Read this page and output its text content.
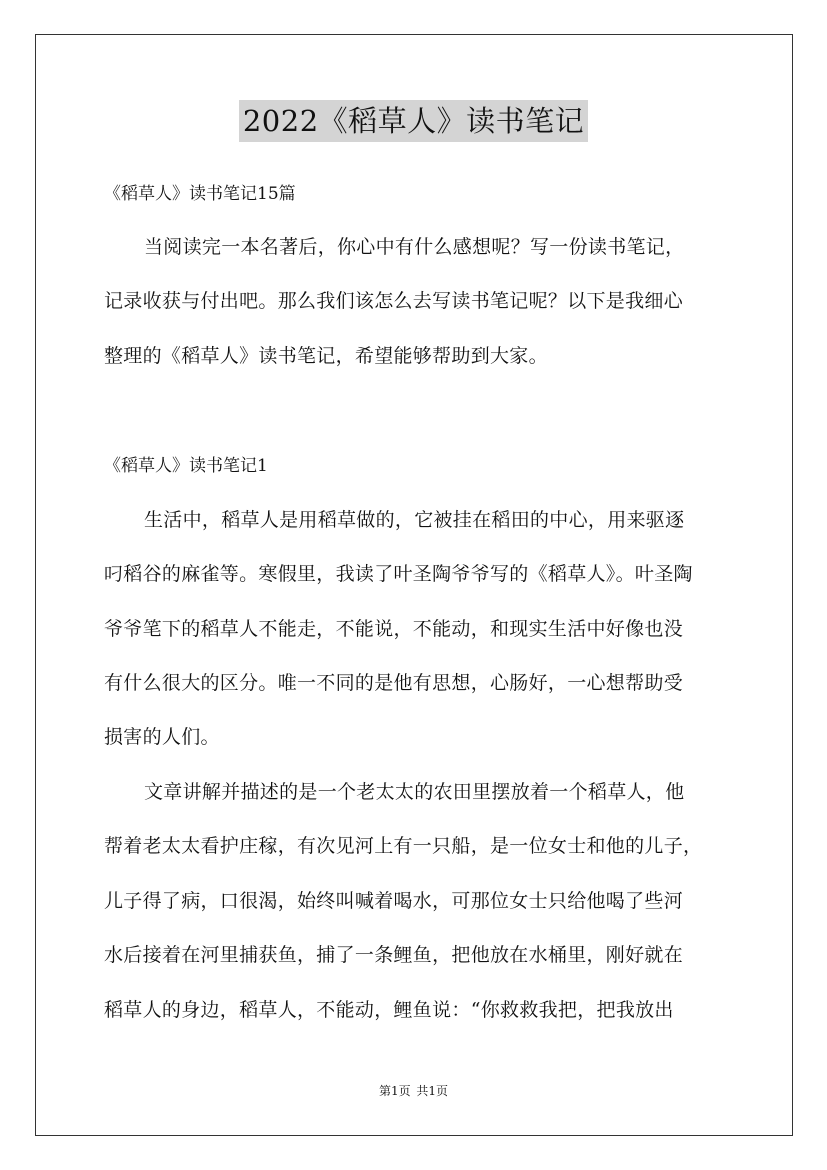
2022《稻草人》读书笔记
《稻草人》读书笔记15篇
当阅读完一本名著后，你心中有什么感想呢？写一份读书笔记，
记录收获与付出吧。那么我们该怎么去写读书笔记呢？以下是我细心
整理的《稻草人》读书笔记，希望能够帮助到大家。
《稻草人》读书笔记1
生活中，稻草人是用稻草做的，它被挂在稻田的中心，用来驱逐
叼稻谷的麻雀等。寒假里，我读了叶圣陶爷爷写的《稻草人》。叶圣陶
爷爷笔下的稻草人不能走，不能说，不能动，和现实生活中好像也没
有什么很大的区分。唯一不同的是他有思想，心肠好，一心想帮助受
损害的人们。
文章讲解并描述的是一个老太太的农田里摆放着一个稻草人，他
帮着老太太看护庄稼，有次见河上有一只船，是一位女士和他的儿子，
儿子得了病，口很渴，始终叫喊着喝水，可那位女士只给他喝了些河
水后接着在河里捕获鱼，捕了一条鲤鱼，把他放在水桶里，刚好就在
稻草人的身边，稻草人，不能动，鲤鱼说：“你救救我把，把我放出
第1页 共1页
